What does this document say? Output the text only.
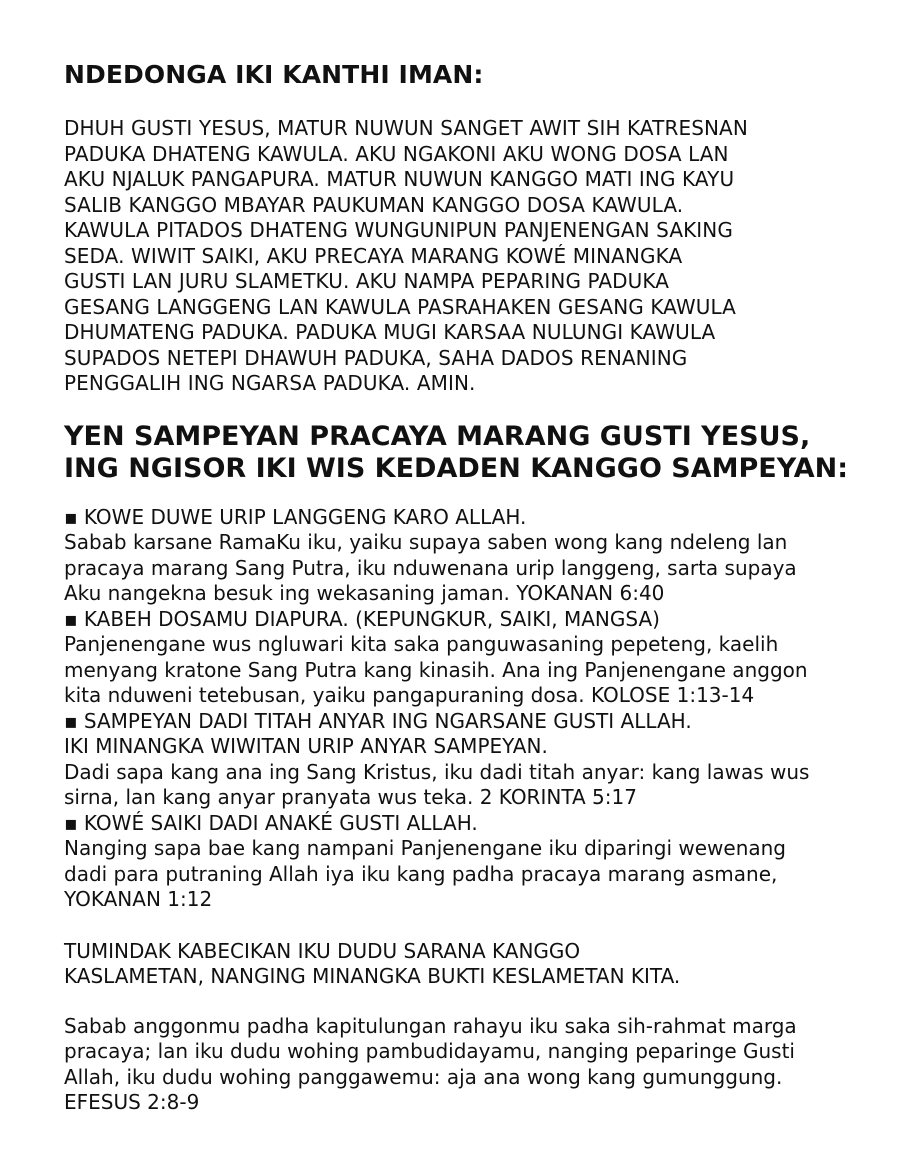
NDEDONGA IKI KANTHI IMAN:

DHUH GUSTI YESUS, MATUR NUWUN SANGET AWIT SIH KATRESNAN
PADUKA DHATENG KAWULA. AKU NGAKONI AKU WONG DOSA LAN
AKU NJALUK PANGAPURA. MATUR NUWUN KANGGO MATI ING KAYU
SALIB KANGGO MBAYAR PAUKUMAN KANGGO DOSA KAWULA.
KAWULA PITADOS DHATENG WUNGUNIPUN PANJENENGAN SAKING
SEDA. WIWIT SAIKI, AKU PRECAYA MARANG KOWÉ MINANGKA
GUSTI LAN JURU SLAMETKU. AKU NAMPA PEPARING PADUKA
GESANG LANGGENG LAN KAWULA PASRAHAKEN GESANG KAWULA
DHUMATENG PADUKA. PADUKA MUGI KARSAA NULUNGI KAWULA
SUPADOS NETEPI DHAWUH PADUKA, SAHA DADOS RENANING
PENGGALIH ING NGARSA PADUKA. AMIN.

YEN SAMPEYAN PRACAYA MARANG GUSTI YESUS,
ING NGISOR IKI WIS KEDADEN KANGGO SAMPEYAN:
▪ KOWE DUWE URIP LANGGENG KARO ALLAH.
Sabab karsane RamaKu iku, yaiku supaya saben wong kang ndeleng lan
pracaya marang Sang Putra, iku nduwenana urip langgeng, sarta supaya
Aku nangekna besuk ing wekasaning jaman. YOKANAN 6:40
▪ KABEH DOSAMU DIAPURA. (KEPUNGKUR, SAIKI, MANGSA)
Panjenengane wus ngluwari kita saka panguwasaning pepeteng, kaelih
menyang kratone Sang Putra kang kinasih. Ana ing Panjenengane anggon
kita nduweni tetebusan, yaiku pangapuraning dosa. KOLOSE 1:13-14
▪ SAMPEYAN DADI TITAH ANYAR ING NGARSANE GUSTI ALLAH.
IKI MINANGKA WIWITAN URIP ANYAR SAMPEYAN.
Dadi sapa kang ana ing Sang Kristus, iku dadi titah anyar: kang lawas wus
sirna, lan kang anyar pranyata wus teka. 2 KORINTA 5:17
▪ KOWÉ SAIKI DADI ANAKÉ GUSTI ALLAH.
Nanging sapa bae kang nampani Panjenengane iku diparingi wewenang
dadi para putraning Allah iya iku kang padha pracaya marang asmane,
YOKANAN 1:12

TUMINDAK KABECIKAN IKU DUDU SARANA KANGGO
KASLAMETAN, NANGING MINANGKA BUKTI KESLAMETAN KITA.

Sabab anggonmu padha kapitulungan rahayu iku saka sih-rahmat marga
pracaya; lan iku dudu wohing pambudidayamu, nanging peparinge Gusti
Allah, iku dudu wohing panggawemu: aja ana wong kang gumunggung.
EFESUS 2:8-9
